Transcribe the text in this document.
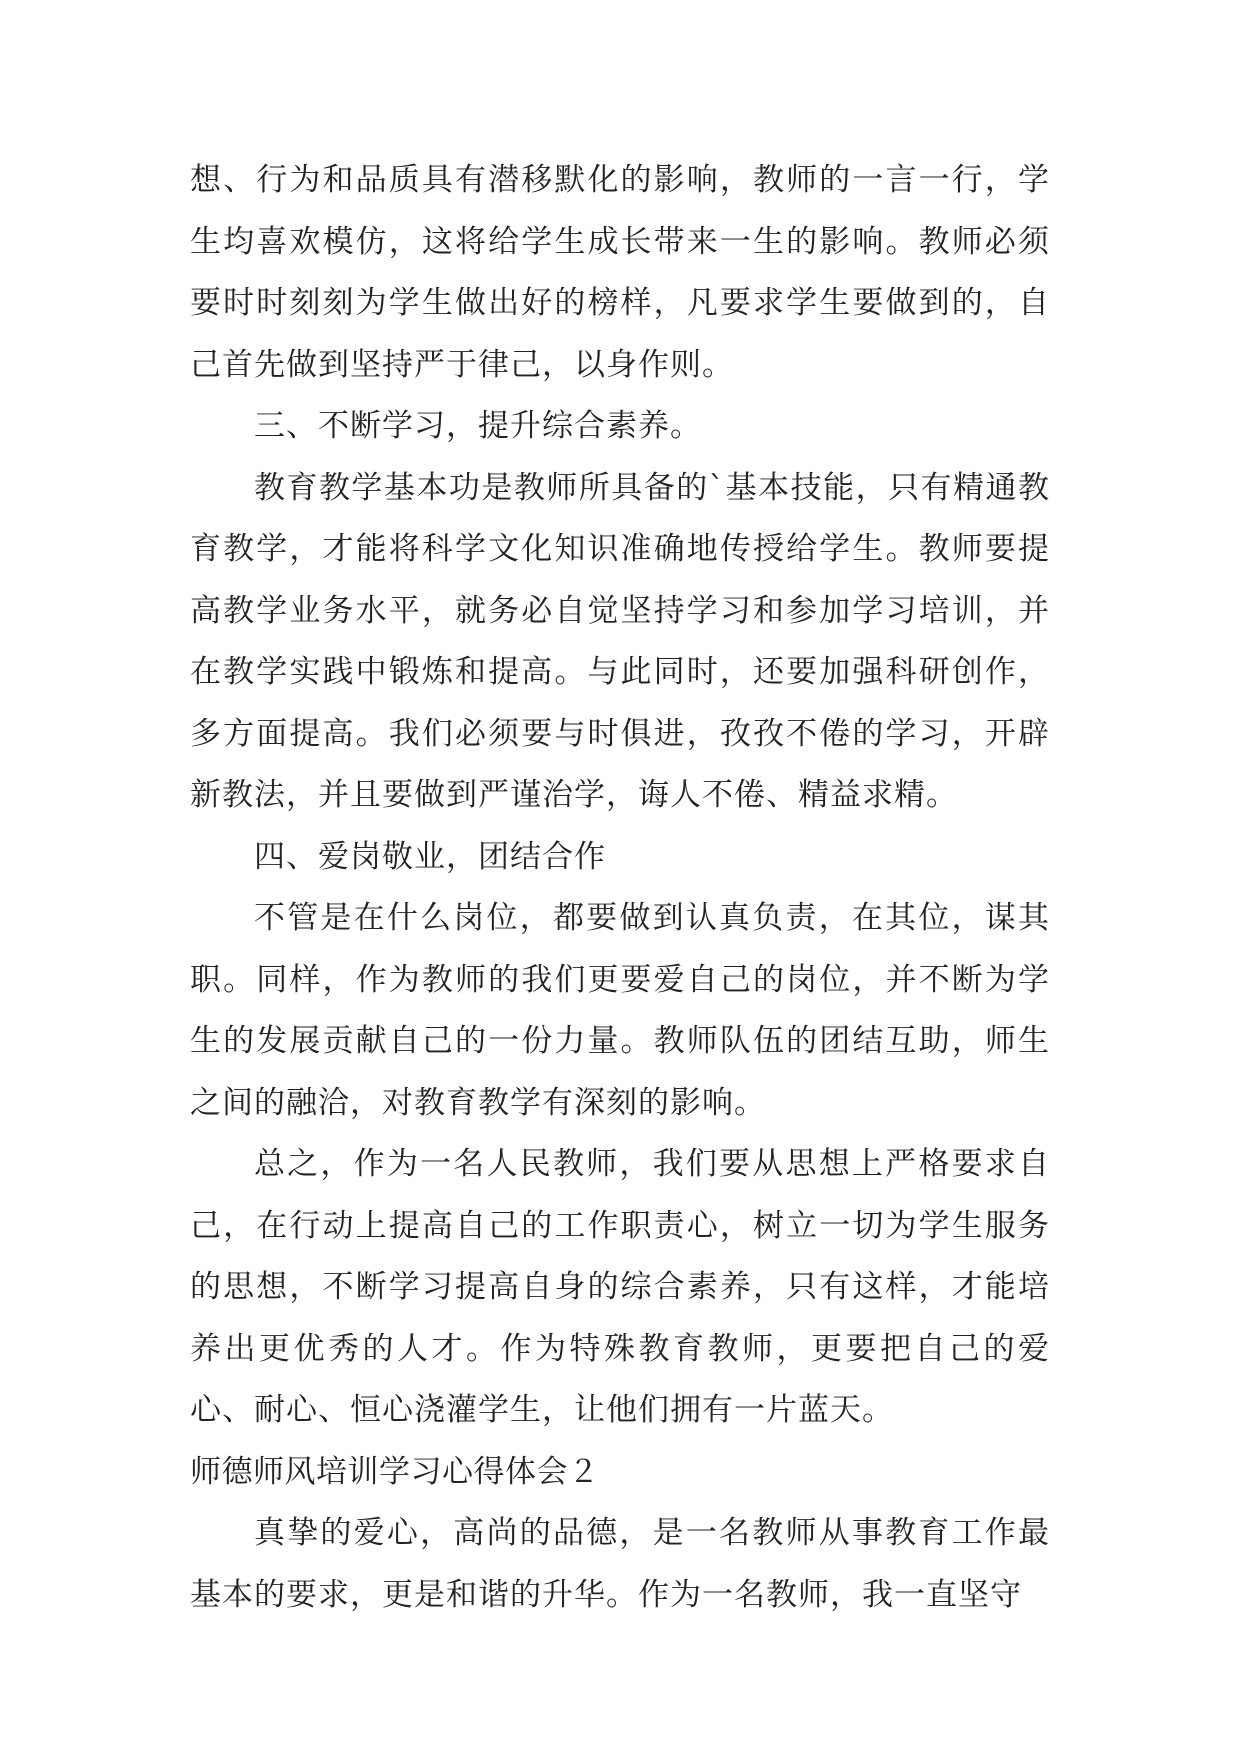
想、行为和品质具有潜移默化的影响，教师的一言一行，学生均喜欢模仿，这将给学生成长带来一生的影响。教师必须要时时刻刻为学生做出好的榜样，凡要求学生要做到的，自己首先做到坚持严于律己，以身作则。

三、不断学习，提升综合素养。

教育教学基本功是教师所具备的`基本技能，只有精通教育教学，才能将科学文化知识准确地传授给学生。教师要提高教学业务水平，就务必自觉坚持学习和参加学习培训，并在教学实践中锻炼和提高。与此同时，还要加强科研创作，多方面提高。我们必须要与时俱进，孜孜不倦的学习，开辟新教法，并且要做到严谨治学，诲人不倦、精益求精。

四、爱岗敬业，团结合作

不管是在什么岗位，都要做到认真负责，在其位，谋其职。同样，作为教师的我们更要爱自己的岗位，并不断为学生的发展贡献自己的一份力量。教师队伍的团结互助，师生之间的融洽，对教育教学有深刻的影响。

总之，作为一名人民教师，我们要从思想上严格要求自己，在行动上提高自己的工作职责心，树立一切为学生服务的思想，不断学习提高自身的综合素养，只有这样，才能培养出更优秀的人才。作为特殊教育教师，更要把自己的爱心、耐心、恒心浇灌学生，让他们拥有一片蓝天。

师德师风培训学习心得体会２

真挚的爱心，高尚的品德，是一名教师从事教育工作最基本的要求，更是和谐的升华。作为一名教师，我一直坚守
